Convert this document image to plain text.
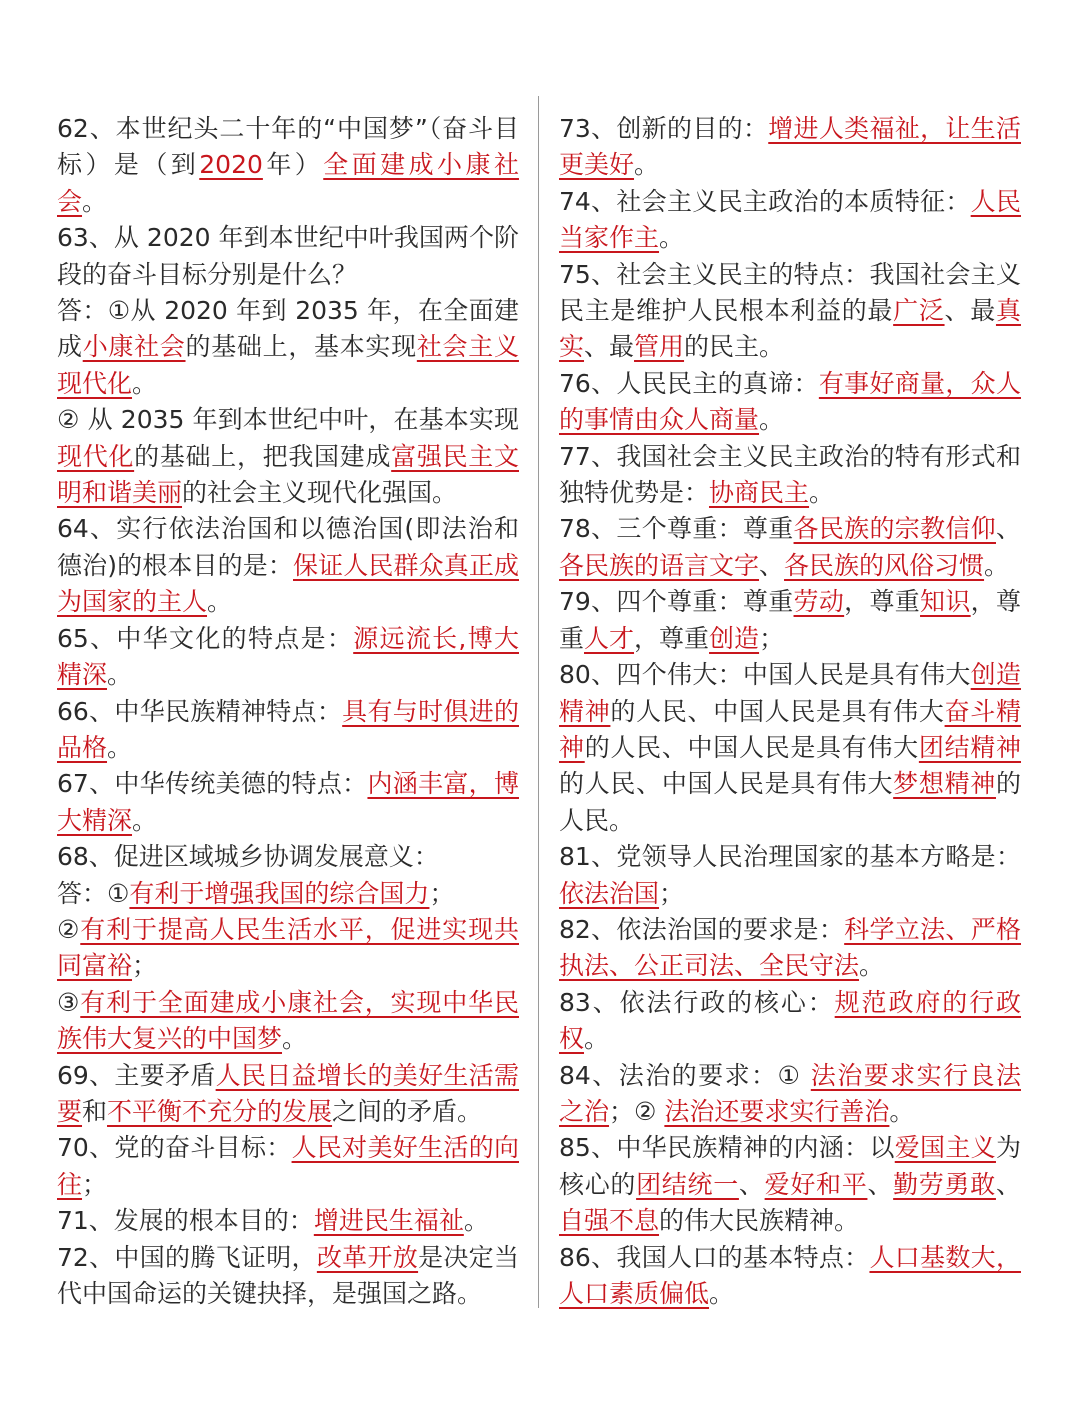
62、本世纪头二十年的“中国梦”（奋斗目标）是（到2020年）全面建成小康社会。

63、从 2020 年到本世纪中叶我国两个阶段的奋斗目标分别是什么？

答：①从 2020 年到 2035 年，在全面建成小康社会的基础上，基本实现社会主义现代化。

② 从 2035 年到本世纪中叶，在基本实现现代化的基础上，把我国建成富强民主文明和谐美丽的社会主义现代化强国。

64、实行依法治国和以德治国(即法治和德治)的根本目的是：保证人民群众真正成为国家的主人。

65、中华文化的特点是：源远流长,博大精深。

66、中华民族精神特点：具有与时俱进的品格。

67、中华传统美德的特点：内涵丰富，博大精深。

68、促进区域城乡协调发展意义：

答：①有利于增强我国的综合国力；

②有利于提高人民生活水平，促进实现共同富裕；

③有利于全面建成小康社会，实现中华民族伟大复兴的中国梦。

69、主要矛盾人民日益增长的美好生活需要和不平衡不充分的发展之间的矛盾。

70、党的奋斗目标：人民对美好生活的向往；

71、发展的根本目的：增进民生福祉。

72、中国的腾飞证明，改革开放是决定当代中国命运的关键抉择，是强国之路。

73、创新的目的：增进人类福祉，让生活更美好。

74、社会主义民主政治的本质特征：人民当家作主。

75、社会主义民主的特点：我国社会主义民主是维护人民根本利益的最广泛、最真实、最管用的民主。

76、人民民主的真谛：有事好商量，众人的事情由众人商量。

77、我国社会主义民主政治的特有形式和独特优势是：协商民主。

78、三个尊重：尊重各民族的宗教信仰、各民族的语言文字、各民族的风俗习惯。

79、四个尊重：尊重劳动，尊重知识，尊重人才，尊重创造；

80、四个伟大：中国人民是具有伟大创造精神的人民、中国人民是具有伟大奋斗精神的人民、中国人民是具有伟大团结精神的人民、中国人民是具有伟大梦想精神的人民。

81、党领导人民治理国家的基本方略是：依法治国；

82、依法治国的要求是：科学立法、严格执法、公正司法、全民守法。

83、依法行政的核心：规范政府的行政权。

84、法治的要求：① 法治要求实行良法之治；② 法治还要求实行善治。

85、中华民族精神的内涵：以爱国主义为核心的团结统一、爱好和平、勤劳勇敢、自强不息的伟大民族精神。

86、我国人口的基本特点：人口基数大，人口素质偏低。
